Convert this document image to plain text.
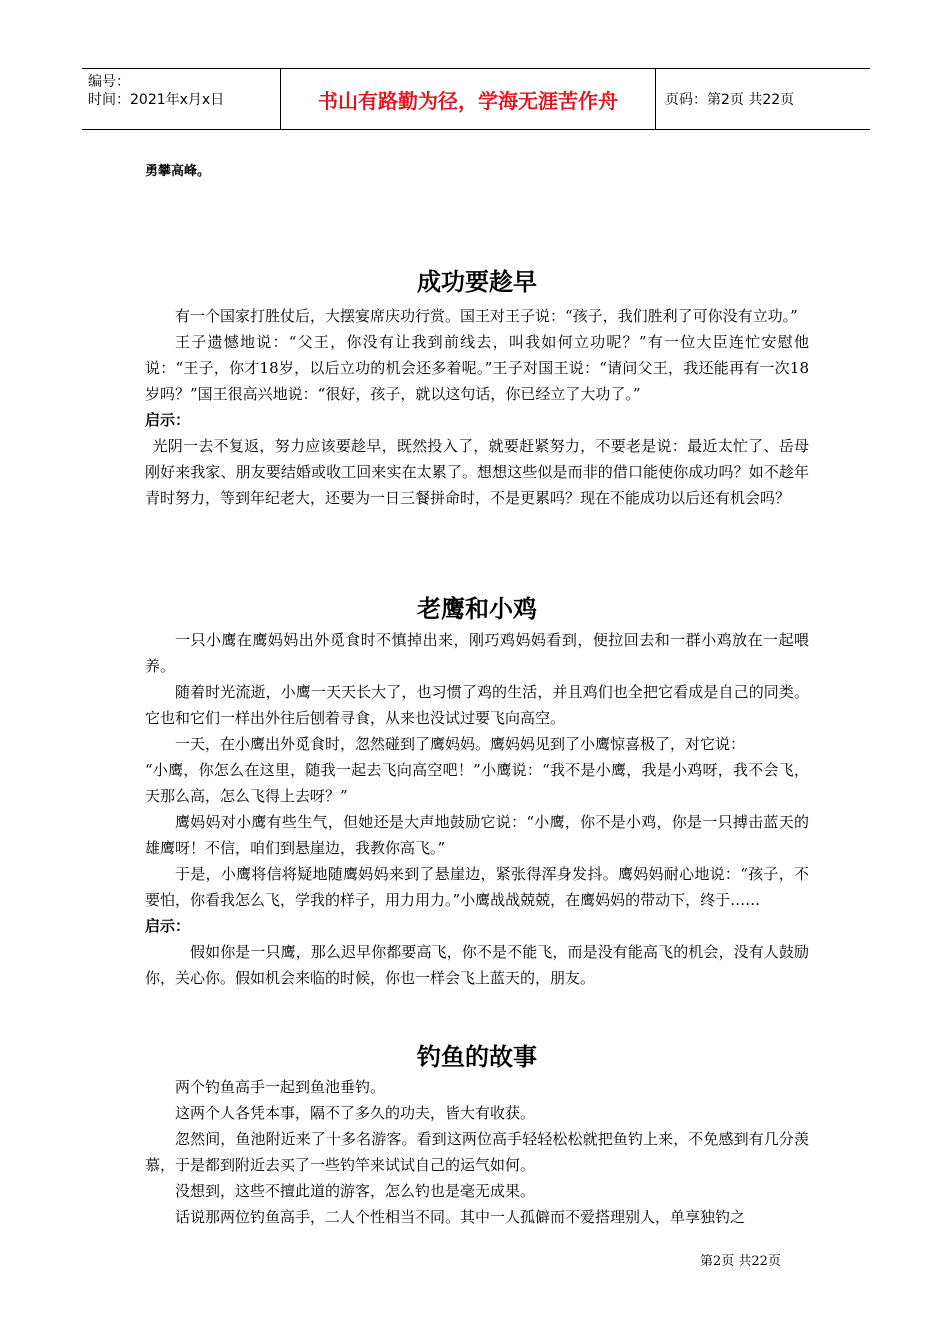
编号：
时间：2021年x月x日	书山有路勤为径，学海无涯苦作舟	页码：第2页 共22页
勇攀高峰。
成功要趁早

有一个国家打胜仗后，大摆宴席庆功行赏。国王对王子说：“孩子，我们胜利了可你没有立功。”

王子遗憾地说：“父王，你没有让我到前线去，叫我如何立功呢？”有一位大臣连忙安慰他说：“王子，你才18岁，以后立功的机会还多着呢。”王子对国王说：“请问父王，我还能再有一次18岁吗？”国王很高兴地说：“很好，孩子，就以这句话，你已经立了大功了。”

启示：

光阴一去不复返，努力应该要趁早，既然投入了，就要赶紧努力，不要老是说：最近太忙了、岳母刚好来我家、朋友要结婚或收工回来实在太累了。想想这些似是而非的借口能使你成功吗？如不趁年青时努力，等到年纪老大，还要为一日三餐拼命时，不是更累吗？现在不能成功以后还有机会吗？

老鹰和小鸡

一只小鹰在鹰妈妈出外觅食时不慎掉出来，刚巧鸡妈妈看到，便拉回去和一群小鸡放在一起喂养。

随着时光流逝，小鹰一天天长大了，也习惯了鸡的生活，并且鸡们也全把它看成是自己的同类。它也和它们一样出外往后刨着寻食，从来也没试过要飞向高空。

一天，在小鹰出外觅食时，忽然碰到了鹰妈妈。鹰妈妈见到了小鹰惊喜极了，对它说：

“小鹰，你怎么在这里，随我一起去飞向高空吧！”小鹰说：“我不是小鹰，我是小鸡呀，我不会飞，天那么高，怎么飞得上去呀？”

鹰妈妈对小鹰有些生气，但她还是大声地鼓励它说：“小鹰，你不是小鸡，你是一只搏击蓝天的雄鹰呀！不信，咱们到悬崖边，我教你高飞。”

于是，小鹰将信将疑地随鹰妈妈来到了悬崖边，紧张得浑身发抖。鹰妈妈耐心地说：“孩子，不要怕，你看我怎么飞，学我的样子，用力用力。”小鹰战战兢兢，在鹰妈妈的带动下，终于……

启示：

假如你是一只鹰，那么迟早你都要高飞，你不是不能飞，而是没有能高飞的机会，没有人鼓励你，关心你。假如机会来临的时候，你也一样会飞上蓝天的，朋友。

钓鱼的故事

两个钓鱼高手一起到鱼池垂钓。

这两个人各凭本事，隔不了多久的功夫，皆大有收获。

忽然间，鱼池附近来了十多名游客。看到这两位高手轻轻松松就把鱼钓上来，不免感到有几分羡慕，于是都到附近去买了一些钓竿来试试自己的运气如何。

没想到，这些不擅此道的游客，怎么钓也是毫无成果。

话说那两位钓鱼高手，二人个性相当不同。其中一人孤僻而不爱搭理别人，单享独钓之

第2页 共22页
